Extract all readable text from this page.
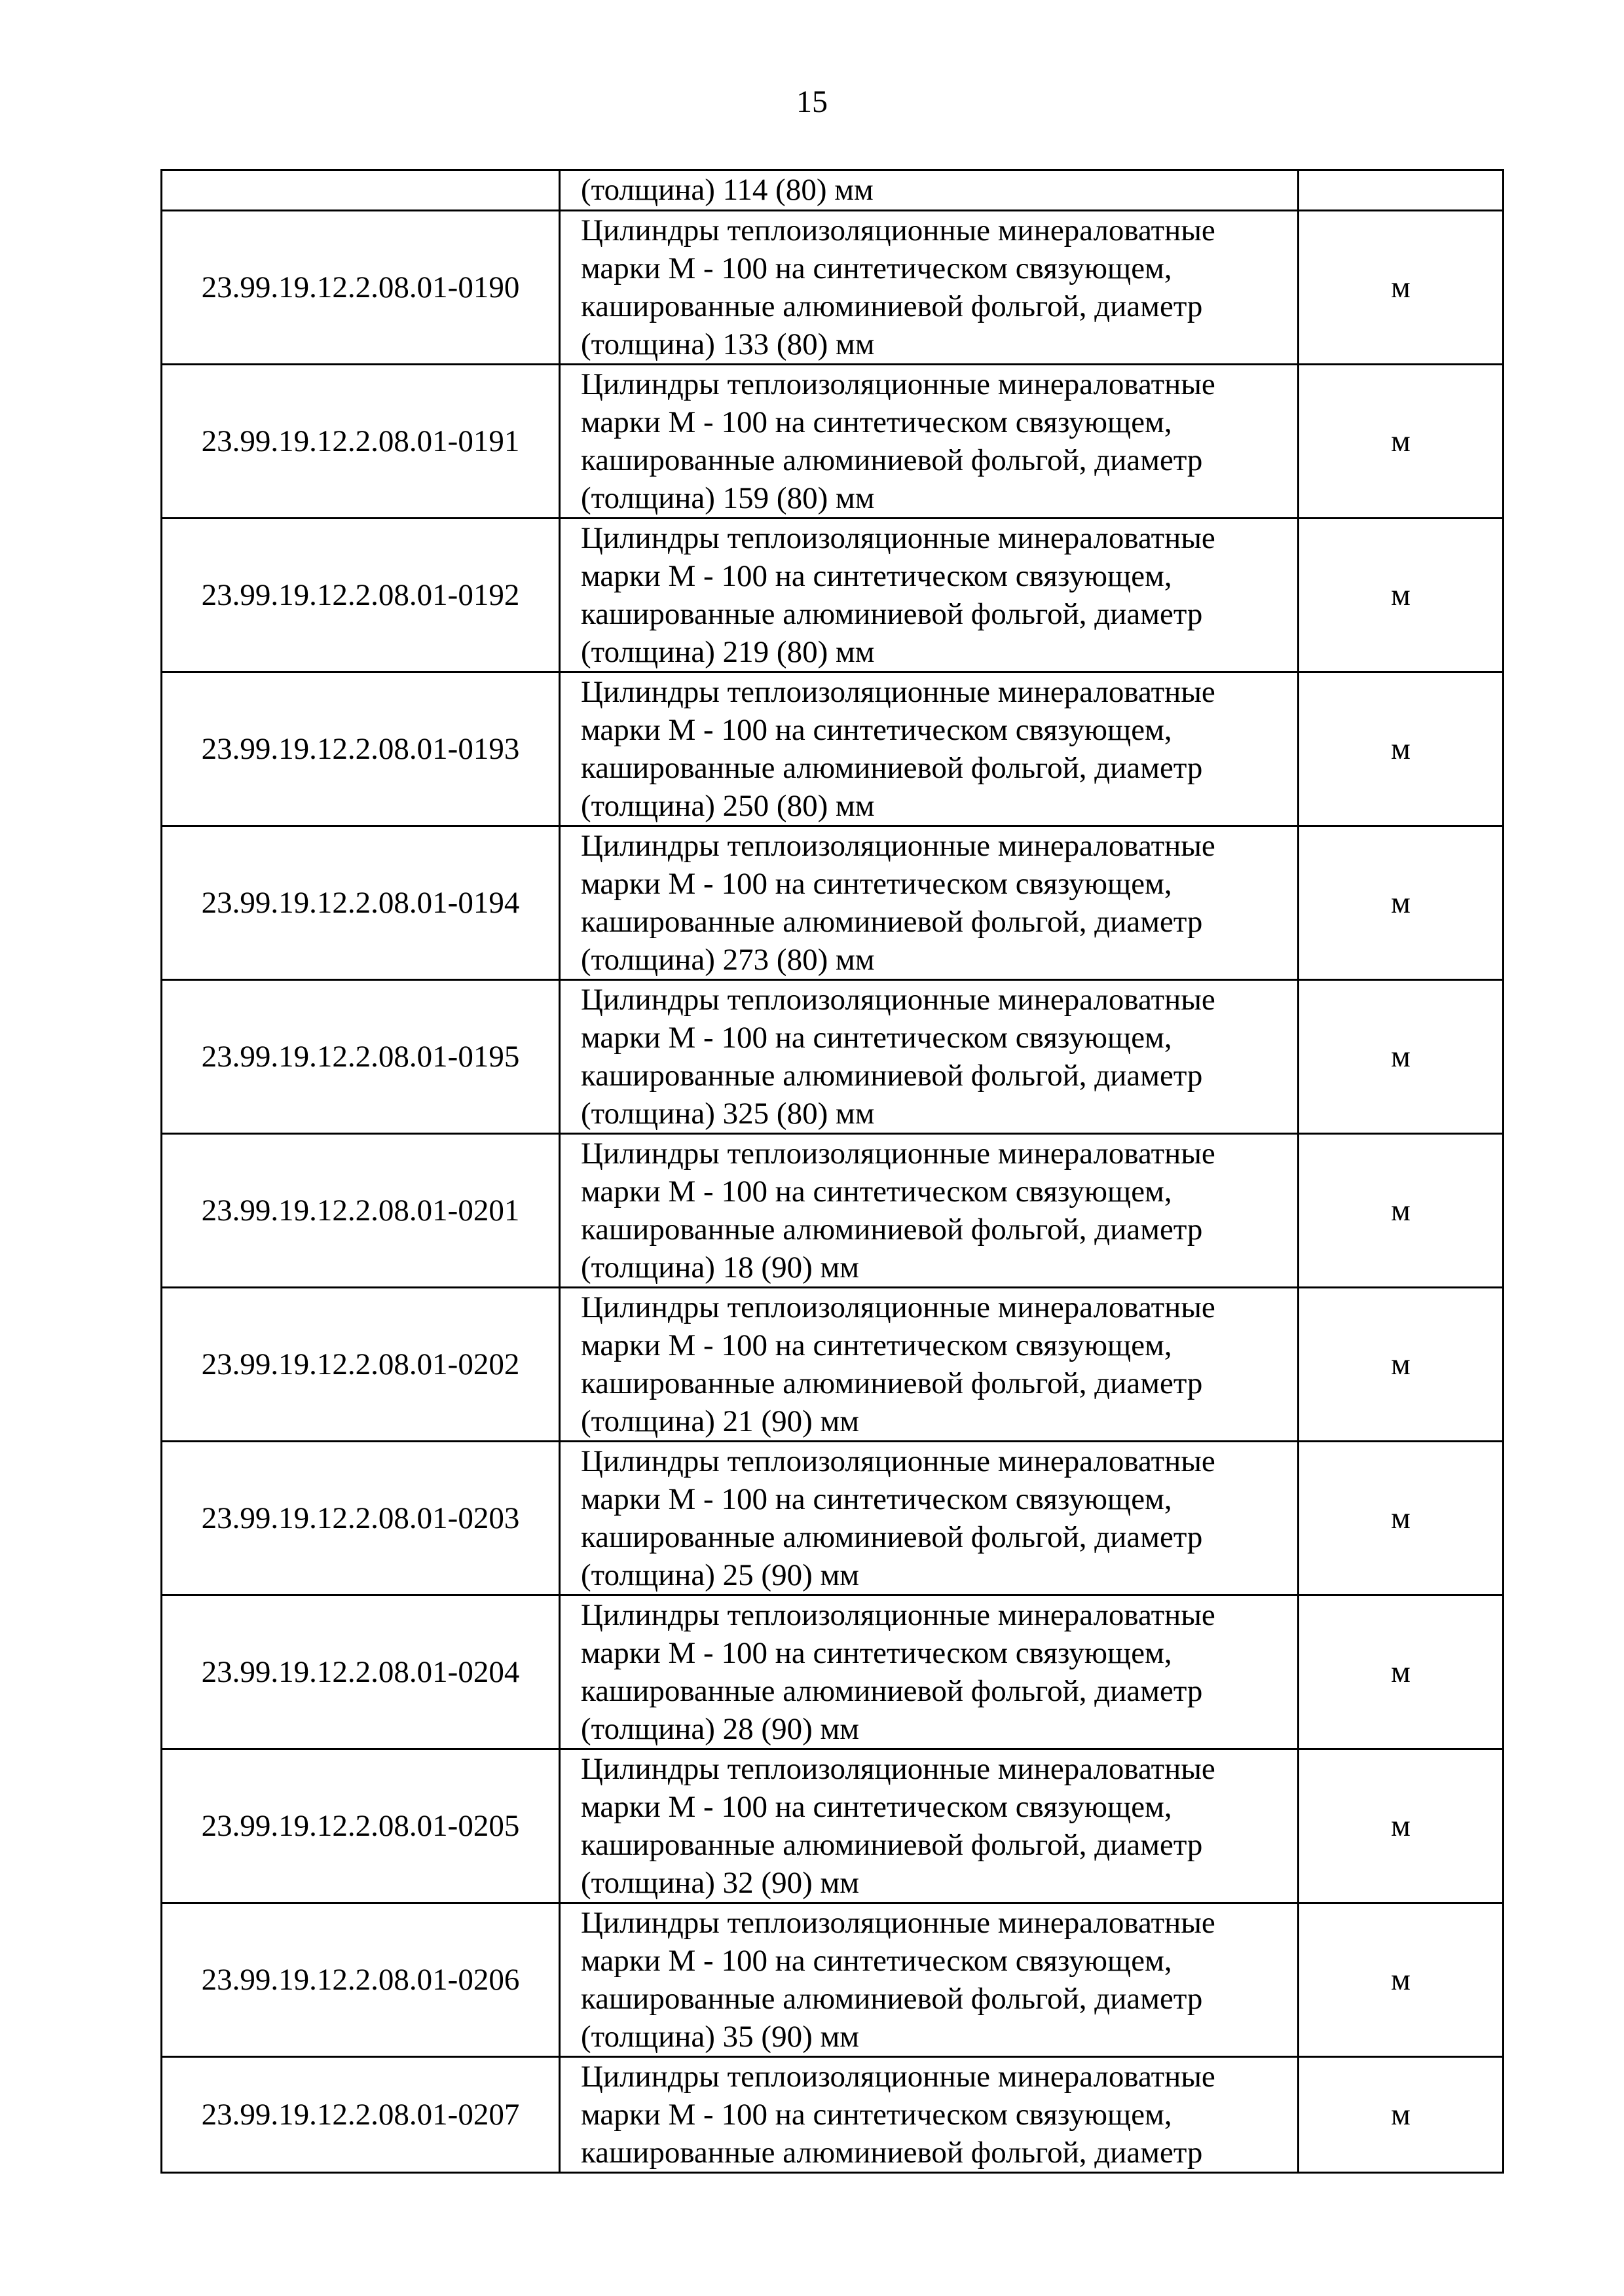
15

	(толщина) 114 (80) мм	

23.99.19.12.2.08.01-0190	Цилиндры теплоизоляционные минераловатные
марки М - 100 на синтетическом связующем,
кашированные алюминиевой фольгой, диаметр
(толщина) 133 (80) мм	м
23.99.19.12.2.08.01-0191	Цилиндры теплоизоляционные минераловатные
марки М - 100 на синтетическом связующем,
кашированные алюминиевой фольгой, диаметр
(толщина) 159 (80) мм	м
23.99.19.12.2.08.01-0192	Цилиндры теплоизоляционные минераловатные
марки М - 100 на синтетическом связующем,
кашированные алюминиевой фольгой, диаметр
(толщина) 219 (80) мм	м
23.99.19.12.2.08.01-0193	Цилиндры теплоизоляционные минераловатные
марки М - 100 на синтетическом связующем,
кашированные алюминиевой фольгой, диаметр
(толщина) 250 (80) мм	м
23.99.19.12.2.08.01-0194	Цилиндры теплоизоляционные минераловатные
марки М - 100 на синтетическом связующем,
кашированные алюминиевой фольгой, диаметр
(толщина) 273 (80) мм	м
23.99.19.12.2.08.01-0195	Цилиндры теплоизоляционные минераловатные
марки М - 100 на синтетическом связующем,
кашированные алюминиевой фольгой, диаметр
(толщина) 325 (80) мм	м
23.99.19.12.2.08.01-0201	Цилиндры теплоизоляционные минераловатные
марки М - 100 на синтетическом связующем,
кашированные алюминиевой фольгой, диаметр
(толщина) 18 (90) мм	м
23.99.19.12.2.08.01-0202	Цилиндры теплоизоляционные минераловатные
марки М - 100 на синтетическом связующем,
кашированные алюминиевой фольгой, диаметр
(толщина) 21 (90) мм	м
23.99.19.12.2.08.01-0203	Цилиндры теплоизоляционные минераловатные
марки М - 100 на синтетическом связующем,
кашированные алюминиевой фольгой, диаметр
(толщина) 25 (90) мм	м
23.99.19.12.2.08.01-0204	Цилиндры теплоизоляционные минераловатные
марки М - 100 на синтетическом связующем,
кашированные алюминиевой фольгой, диаметр
(толщина) 28 (90) мм	м
23.99.19.12.2.08.01-0205	Цилиндры теплоизоляционные минераловатные
марки М - 100 на синтетическом связующем,
кашированные алюминиевой фольгой, диаметр
(толщина) 32 (90) мм	м
23.99.19.12.2.08.01-0206	Цилиндры теплоизоляционные минераловатные
марки М - 100 на синтетическом связующем,
кашированные алюминиевой фольгой, диаметр
(толщина) 35 (90) мм	м
23.99.19.12.2.08.01-0207	Цилиндры теплоизоляционные минераловатные
марки М - 100 на синтетическом связующем,
кашированные алюминиевой фольгой, диаметр	м
